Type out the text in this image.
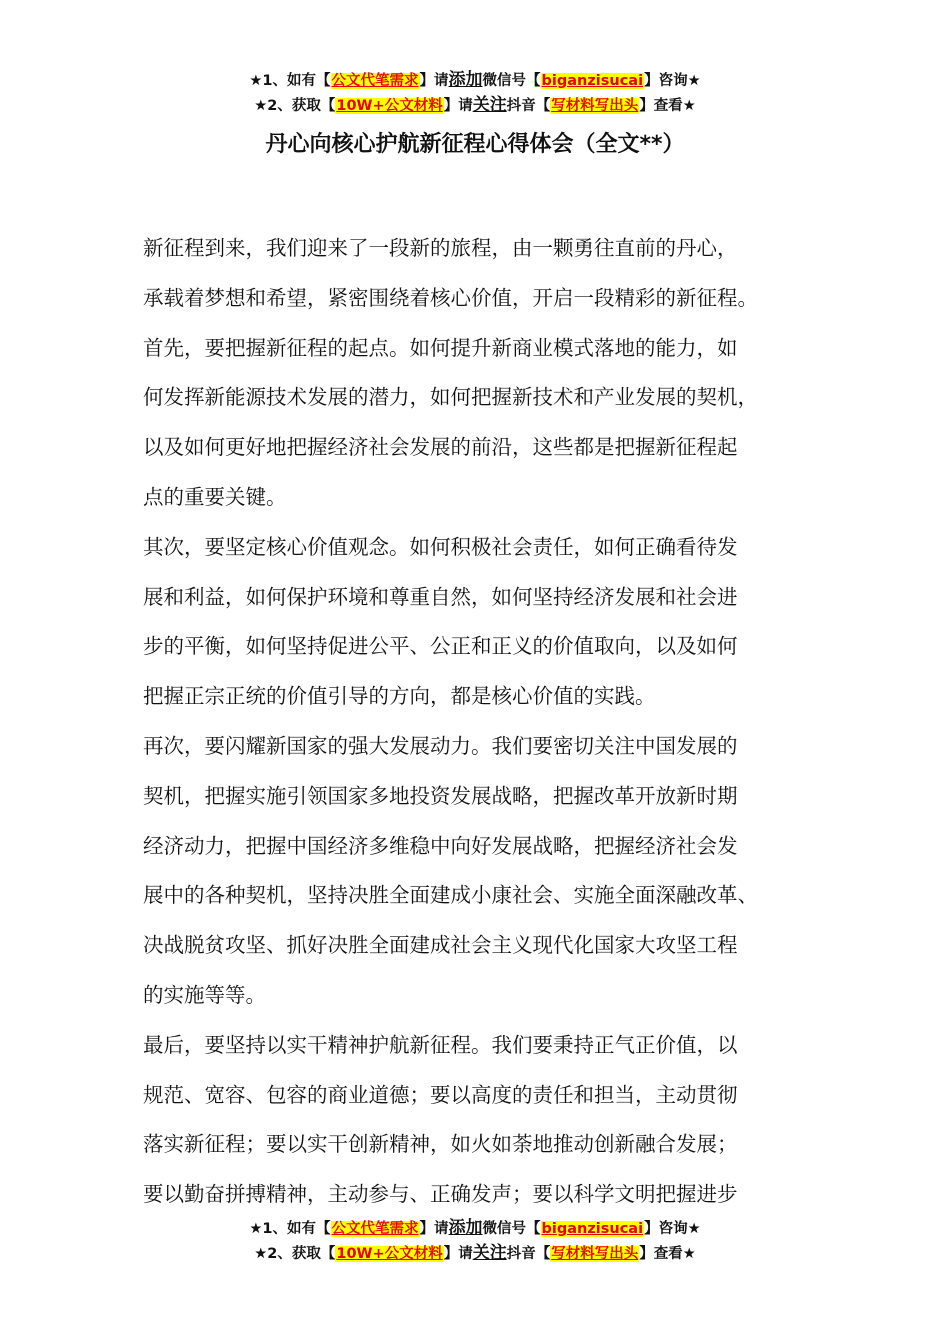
★1、如有【公文代笔需求】请添加微信号【biganzisucai】咨询★
★2、获取【10W+公文材料】请关注抖音【写材料写出头】查看★
丹心向核心护航新征程心得体会（全文**）

新征程到来，我们迎来了一段新的旅程，由一颗勇往直前的丹心，
承载着梦想和希望，紧密围绕着核心价值，开启一段精彩的新征程。

首先，要把握新征程的起点。如何提升新商业模式落地的能力，如
何发挥新能源技术发展的潜力，如何把握新技术和产业发展的契机，
以及如何更好地把握经济社会发展的前沿，这些都是把握新征程起
点的重要关键。

其次，要坚定核心价值观念。如何积极社会责任，如何正确看待发
展和利益，如何保护环境和尊重自然，如何坚持经济发展和社会进
步的平衡，如何坚持促进公平、公正和正义的价值取向，以及如何
把握正宗正统的价值引导的方向，都是核心价值的实践。

再次，要闪耀新国家的强大发展动力。我们要密切关注中国发展的
契机，把握实施引领国家多地投资发展战略，把握改革开放新时期
经济动力，把握中国经济多维稳中向好发展战略，把握经济社会发
展中的各种契机，坚持决胜全面建成小康社会、实施全面深融改革、
决战脱贫攻坚、抓好决胜全面建成社会主义现代化国家大攻坚工程
的实施等等。

最后，要坚持以实干精神护航新征程。我们要秉持正气正价值，以
规范、宽容、包容的商业道德；要以高度的责任和担当，主动贯彻
落实新征程；要以实干创新精神，如火如荼地推动创新融合发展；
要以勤奋拼搏精神，主动参与、正确发声；要以科学文明把握进步

★1、如有【公文代笔需求】请添加微信号【biganzisucai】咨询★
★2、获取【10W+公文材料】请关注抖音【写材料写出头】查看★
